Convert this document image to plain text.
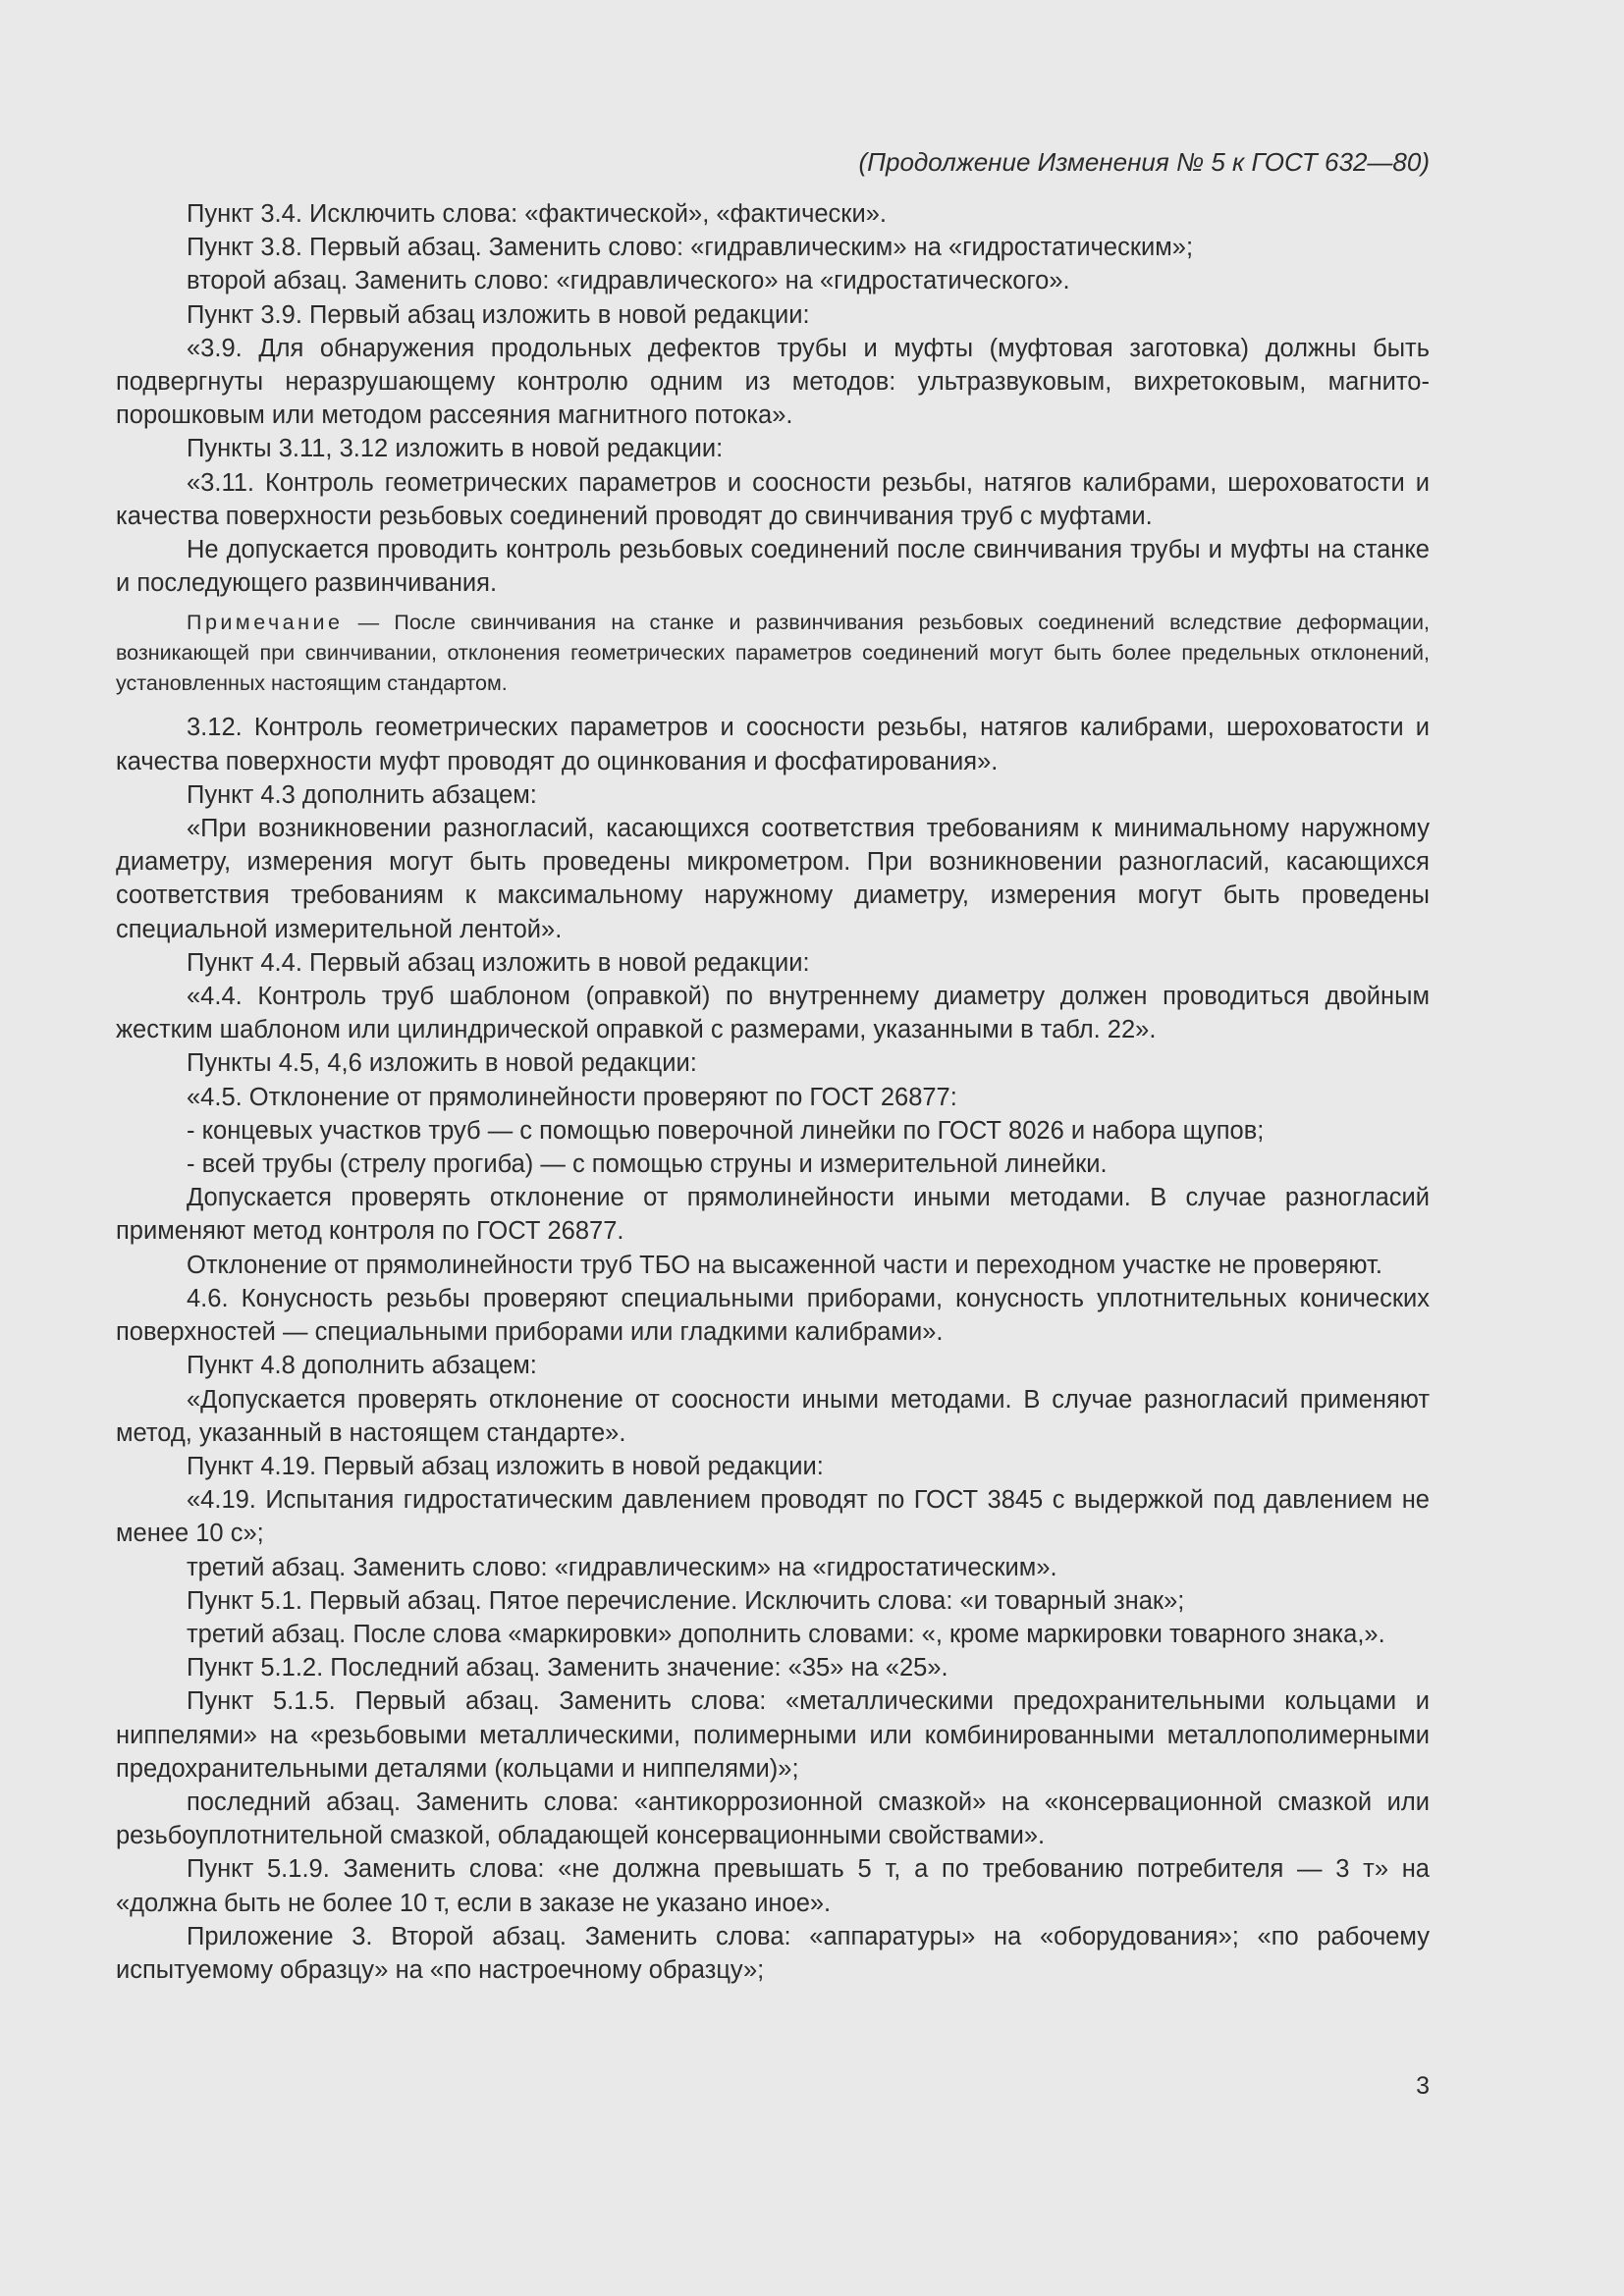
(Продолжение Изменения № 5 к ГОСТ 632—80)

Пункт 3.4. Исключить слова: «фактической», «фактически».

Пункт 3.8. Первый абзац. Заменить слово: «гидравлическим» на «гидростатическим»;

второй абзац. Заменить слово: «гидравлического» на «гидростатического».

Пункт 3.9. Первый абзац изложить в новой редакции:

«3.9. Для обнаружения продольных дефектов трубы и муфты (муфтовая заготовка) должны быть подвергнуты неразрушающему контролю одним из методов: ультразвуковым, вихретоковым, магнито-порошковым или методом рассеяния магнитного потока».

Пункты 3.11, 3.12 изложить в новой редакции:

«3.11. Контроль геометрических параметров и соосности резьбы, натягов калибрами, шероховатости и качества поверхности резьбовых соединений проводят до свинчивания труб с муфтами.

Не допускается проводить контроль резьбовых соединений после свинчивания трубы и муфты на станке и последующего развинчивания.

Примечание — После свинчивания на станке и развинчивания резьбовых соединений вследствие деформации, возникающей при свинчивании, отклонения геометрических параметров соединений могут быть более предельных отклонений, установленных настоящим стандартом.

3.12. Контроль геометрических параметров и соосности резьбы, натягов калибрами, шероховатости и качества поверхности муфт проводят до оцинкования и фосфатирования».

Пункт 4.3 дополнить абзацем:

«При возникновении разногласий, касающихся соответствия требованиям к минимальному наружному диаметру, измерения могут быть проведены микрометром. При возникновении разногласий, касающихся соответствия требованиям к максимальному наружному диаметру, измерения могут быть проведены специальной измерительной лентой».

Пункт 4.4. Первый абзац изложить в новой редакции:

«4.4. Контроль труб шаблоном (оправкой) по внутреннему диаметру должен проводиться двойным жестким шаблоном или цилиндрической оправкой с размерами, указанными в табл. 22».

Пункты 4.5, 4,6 изложить в новой редакции:

«4.5. Отклонение от прямолинейности проверяют по ГОСТ 26877:

- концевых участков труб — с помощью поверочной линейки по ГОСТ 8026 и набора щупов;

- всей трубы (стрелу прогиба) — с помощью струны и измерительной линейки.

Допускается проверять отклонение от прямолинейности иными методами. В случае разногласий применяют метод контроля по ГОСТ 26877.

Отклонение от прямолинейности труб ТБО на высаженной части и переходном участке не проверяют.

4.6. Конусность резьбы проверяют специальными приборами, конусность уплотнительных конических поверхностей — специальными приборами или гладкими калибрами».

Пункт 4.8 дополнить абзацем:

«Допускается проверять отклонение от соосности иными методами. В случае разногласий применяют метод, указанный в настоящем стандарте».

Пункт 4.19. Первый абзац изложить в новой редакции:

«4.19. Испытания гидростатическим давлением проводят по ГОСТ 3845 с выдержкой под давлением не менее 10 с»;

третий абзац. Заменить слово: «гидравлическим» на «гидростатическим».

Пункт 5.1. Первый абзац. Пятое перечисление. Исключить слова: «и товарный знак»;

третий абзац. После слова «маркировки» дополнить словами: «, кроме маркировки товарного знака,».

Пункт 5.1.2. Последний абзац. Заменить значение: «35» на «25».

Пункт 5.1.5. Первый абзац. Заменить слова: «металлическими предохранительными кольцами и ниппелями» на «резьбовыми металлическими, полимерными или комбинированными металлополимерными предохранительными деталями (кольцами и ниппелями)»;

последний абзац. Заменить слова: «антикоррозионной смазкой» на «консервационной смазкой или резьбоуплотнительной смазкой, обладающей консервационными свойствами».

Пункт 5.1.9. Заменить слова: «не должна превышать 5 т, а по требованию потребителя — 3 т» на «должна быть не более 10 т, если в заказе не указано иное».

Приложение 3. Второй абзац. Заменить слова: «аппаратуры» на «оборудования»; «по рабочему испытуемому образцу» на «по настроечному образцу»;

3
